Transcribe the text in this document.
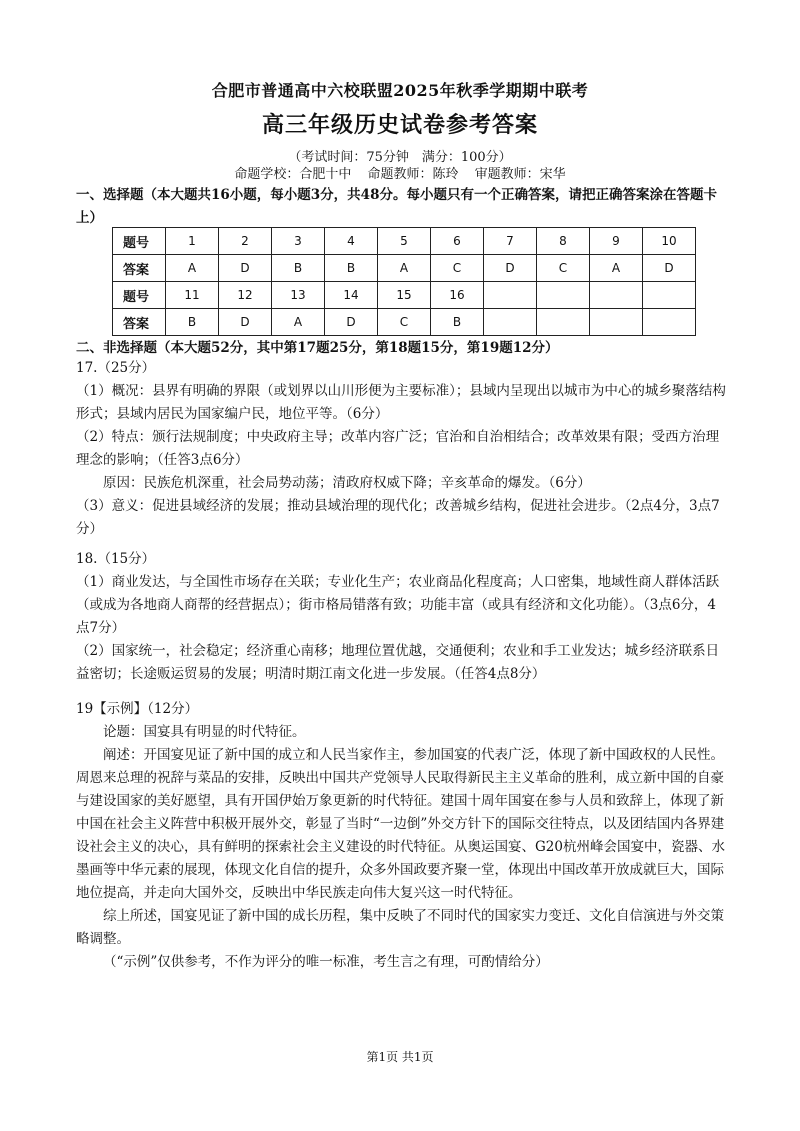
合肥市普通高中六校联盟2025年秋季学期期中联考
高三年级历史试卷参考答案
（考试时间：75分钟　满分：100分）
命题学校：合肥十中 命题教师：陈玲 审题教师：宋华
一、选择题（本大题共16小题，每小题3分，共48分。每小题只有一个正确答案，请把正确答案涂在答题卡上）
题号	1	2	3	4	5	6	7	8	9	10
答案	A	D	B	B	A	C	D	C	A	D
题号	11	12	13	14	15	16				
答案	B	D	A	D	C	B				
二、非选择题（本大题52分，其中第17题25分，第18题15分，第19题12分）
17.（25分）
（1）概况：县界有明确的界限（或划界以山川形便为主要标准）；县域内呈现出以城市为中心的城乡聚落结构形式；县域内居民为国家编户民，地位平等。（6分）
（2）特点：颁行法规制度；中央政府主导；改革内容广泛；官治和自治相结合；改革效果有限；受西方治理理念的影响；（任答3点6分）
原因：民族危机深重，社会局势动荡；清政府权威下降；辛亥革命的爆发。（6分）
（3）意义：促进县域经济的发展；推动县域治理的现代化；改善城乡结构，促进社会进步。（2点4分，3点7分）
18.（15分）
（1）商业发达，与全国性市场存在关联；专业化生产；农业商品化程度高；人口密集，地域性商人群体活跃（或成为各地商人商帮的经营据点）；街市格局错落有致；功能丰富（或具有经济和文化功能）。（3点6分，4点7分）
（2）国家统一，社会稳定；经济重心南移；地理位置优越，交通便利；农业和手工业发达；城乡经济联系日益密切；长途贩运贸易的发展；明清时期江南文化进一步发展。（任答4点8分）
19【示例】（12分）
论题：国宴具有明显的时代特征。
阐述：开国宴见证了新中国的成立和人民当家作主，参加国宴的代表广泛，体现了新中国政权的人民性。周恩来总理的祝辞与菜品的安排，反映出中国共产党领导人民取得新民主主义革命的胜利，成立新中国的自豪与建设国家的美好愿望，具有开国伊始万象更新的时代特征。建国十周年国宴在参与人员和致辞上，体现了新中国在社会主义阵营中积极开展外交，彰显了当时“一边倒”外交方针下的国际交往特点，以及团结国内各界建设社会主义的决心，具有鲜明的探索社会主义建设的时代特征。从奥运国宴、G20杭州峰会国宴中，瓷器、水墨画等中华元素的展现，体现文化自信的提升，众多外国政要齐聚一堂，体现出中国改革开放成就巨大，国际地位提高，并走向大国外交，反映出中华民族走向伟大复兴这一时代特征。
综上所述，国宴见证了新中国的成长历程，集中反映了不同时代的国家实力变迁、文化自信演进与外交策略调整。
（“示例”仅供参考，不作为评分的唯一标准，考生言之有理，可酌情给分）
第1页 共1页
